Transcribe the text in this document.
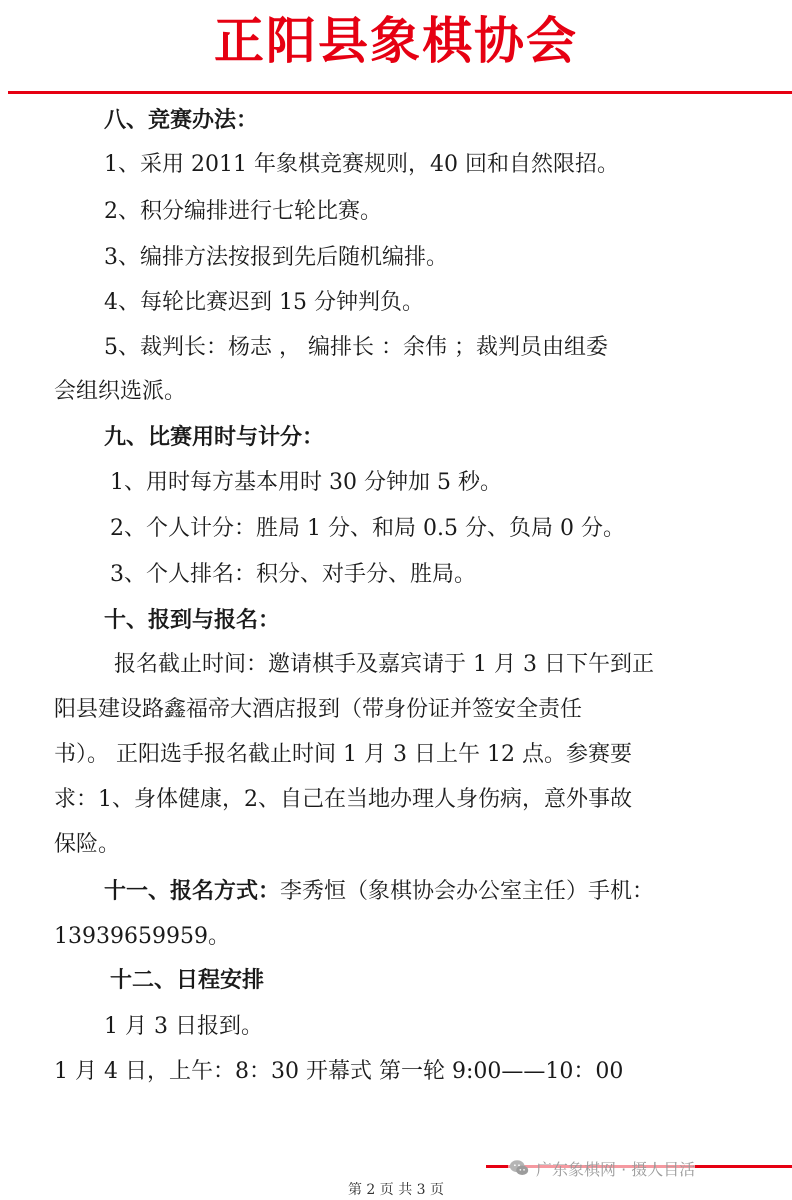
正阳县象棋协会
八、竞赛办法：
1、采用 2011 年象棋竞赛规则，40 回和自然限招。
2、积分编排进行七轮比赛。
3、编排方法按报到先后随机编排。
4、每轮比赛迟到 15 分钟判负。
5、裁判长：杨志 ， 编排长 ：余伟 ；裁判员由组委
会组织选派。
九、比赛用时与计分：
1、用时每方基本用时 30 分钟加 5 秒。
2、个人计分：胜局 1 分、和局 0.5 分、负局 0 分。
3、个人排名：积分、对手分、胜局。
十、报到与报名：
报名截止时间：邀请棋手及嘉宾请于 1 月 3 日下午到正
阳县建设路鑫福帝大酒店报到（带身份证并签安全责任
书）。 正阳选手报名截止时间 1 月 3 日上午 12 点。参赛要
求：1、身体健康，2、自己在当地办理人身伤病，意外事故
保险。
十一、报名方式：李秀恒（象棋协会办公室主任）手机：
13939659959。
十二、日程安排
1 月 3 日报到。
1 月 4 日，上午：8：30 开幕式 第一轮 9:00——10：00
广东象棋网 · 摄人目活
第 2 页 共 3 页
